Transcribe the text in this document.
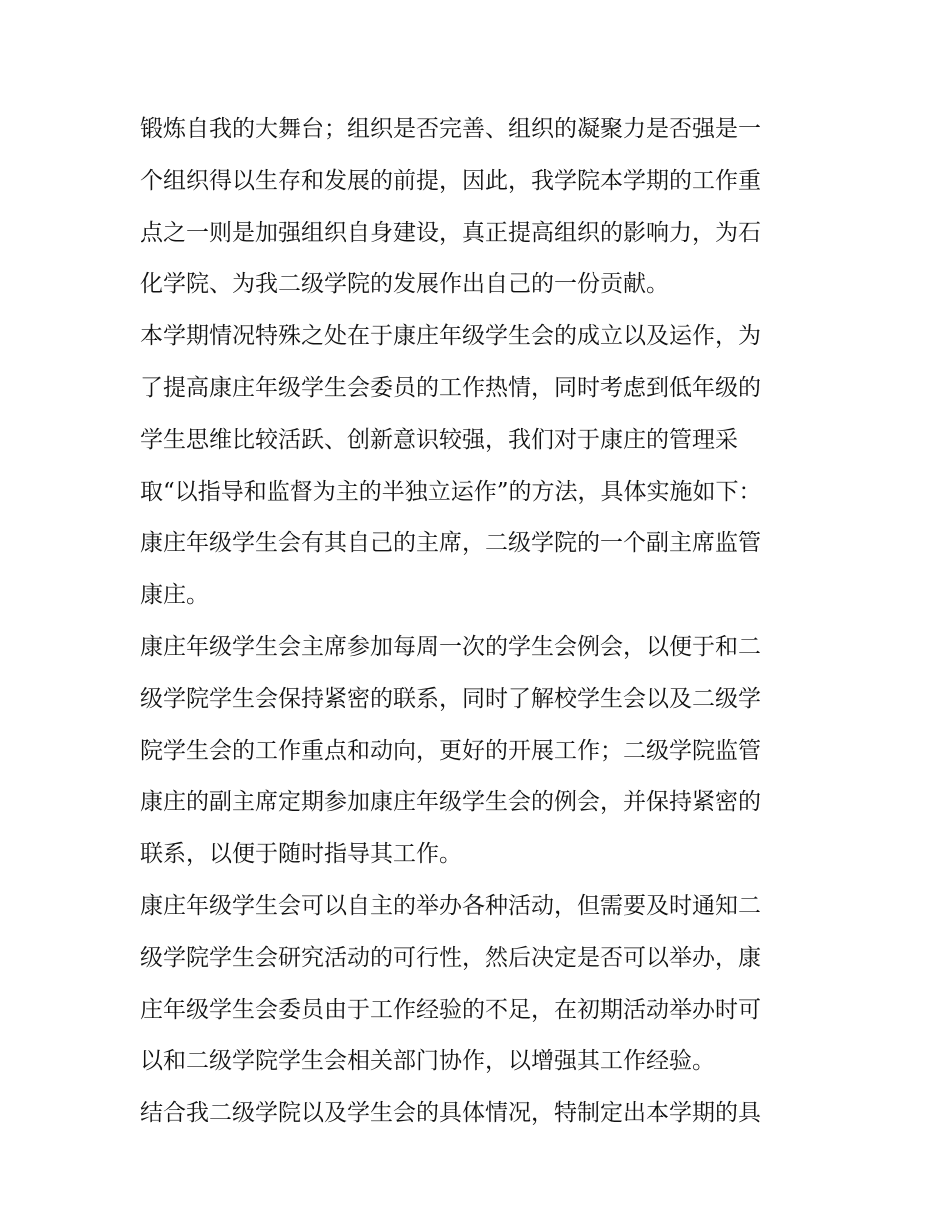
锻炼自我的大舞台；组织是否完善、组织的凝聚力是否强是一
个组织得以生存和发展的前提，因此，我学院本学期的工作重
点之一则是加强组织自身建设，真正提高组织的影响力，为石
化学院、为我二级学院的发展作出自己的一份贡献。
本学期情况特殊之处在于康庄年级学生会的成立以及运作，为
了提高康庄年级学生会委员的工作热情，同时考虑到低年级的
学生思维比较活跃、创新意识较强，我们对于康庄的管理采
取“以指导和监督为主的半独立运作”的方法，具体实施如下：
康庄年级学生会有其自己的主席，二级学院的一个副主席监管
康庄。
康庄年级学生会主席参加每周一次的学生会例会，以便于和二
级学院学生会保持紧密的联系，同时了解校学生会以及二级学
院学生会的工作重点和动向，更好的开展工作；二级学院监管
康庄的副主席定期参加康庄年级学生会的例会，并保持紧密的
联系，以便于随时指导其工作。
康庄年级学生会可以自主的举办各种活动，但需要及时通知二
级学院学生会研究活动的可行性，然后决定是否可以举办，康
庄年级学生会委员由于工作经验的不足，在初期活动举办时可
以和二级学院学生会相关部门协作，以增强其工作经验。
结合我二级学院以及学生会的具体情况，特制定出本学期的具
